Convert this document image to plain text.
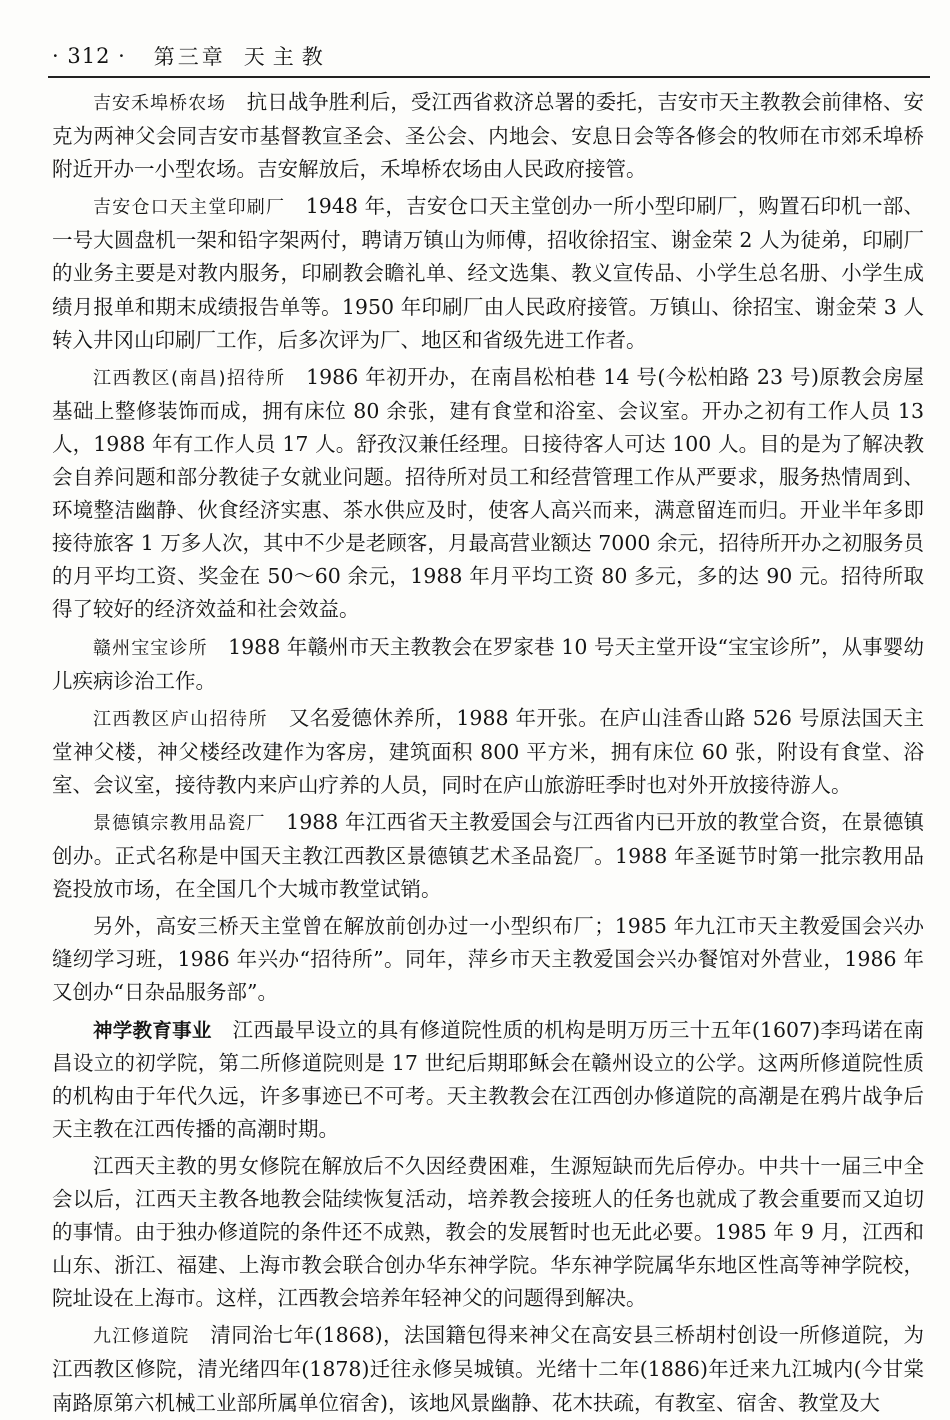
· 312 · 第三章 天主教

吉安禾埠桥农场 抗日战争胜利后，受江西省救济总署的委托，吉安市天主教教会前律格、安克为两神父会同吉安市基督教宣圣会、圣公会、内地会、安息日会等各修会的牧师在市郊禾埠桥附近开办一小型农场。吉安解放后，禾埠桥农场由人民政府接管。

吉安仓口天主堂印刷厂 1948 年，吉安仓口天主堂创办一所小型印刷厂，购置石印机一部、一号大圆盘机一架和铅字架两付，聘请万镇山为师傅，招收徐招宝、谢金荣 2 人为徒弟，印刷厂的业务主要是对教内服务，印刷教会瞻礼单、经文选集、教义宣传品、小学生总名册、小学生成绩月报单和期末成绩报告单等。1950 年印刷厂由人民政府接管。万镇山、徐招宝、谢金荣 3 人转入井冈山印刷厂工作，后多次评为厂、地区和省级先进工作者。

江西教区(南昌)招待所 1986 年初开办，在南昌松柏巷 14 号(今松柏路 23 号)原教会房屋基础上整修装饰而成，拥有床位 80 余张，建有食堂和浴室、会议室。开办之初有工作人员 13 人，1988 年有工作人员 17 人。舒孜汉兼任经理。日接待客人可达 100 人。目的是为了解决教会自养问题和部分教徒子女就业问题。招待所对员工和经营管理工作从严要求，服务热情周到、环境整洁幽静、伙食经济实惠、茶水供应及时，使客人高兴而来，满意留连而归。开业半年多即接待旅客 1 万多人次，其中不少是老顾客，月最高营业额达 7000 余元，招待所开办之初服务员的月平均工资、奖金在 50～60 余元，1988 年月平均工资 80 多元，多的达 90 元。招待所取得了较好的经济效益和社会效益。

赣州宝宝诊所 1988 年赣州市天主教教会在罗家巷 10 号天主堂开设“宝宝诊所”，从事婴幼儿疾病诊治工作。

江西教区庐山招待所 又名爱德休养所，1988 年开张。在庐山洼香山路 526 号原法国天主堂神父楼，神父楼经改建作为客房，建筑面积 800 平方米，拥有床位 60 张，附设有食堂、浴室、会议室，接待教内来庐山疗养的人员，同时在庐山旅游旺季时也对外开放接待游人。

景德镇宗教用品瓷厂 1988 年江西省天主教爱国会与江西省内已开放的教堂合资，在景德镇创办。正式名称是中国天主教江西教区景德镇艺术圣品瓷厂。1988 年圣诞节时第一批宗教用品瓷投放市场，在全国几个大城市教堂试销。

另外，高安三桥天主堂曾在解放前创办过一小型织布厂；1985 年九江市天主教爱国会兴办缝纫学习班，1986 年兴办“招待所”。同年，萍乡市天主教爱国会兴办餐馆对外营业，1986 年又创办“日杂品服务部”。

神学教育事业 江西最早设立的具有修道院性质的机构是明万历三十五年(1607)李玛诺在南昌设立的初学院，第二所修道院则是 17 世纪后期耶稣会在赣州设立的公学。这两所修道院性质的机构由于年代久远，许多事迹已不可考。天主教教会在江西创办修道院的高潮是在鸦片战争后天主教在江西传播的高潮时期。

江西天主教的男女修院在解放后不久因经费困难，生源短缺而先后停办。中共十一届三中全会以后，江西天主教各地教会陆续恢复活动，培养教会接班人的任务也就成了教会重要而又迫切的事情。由于独办修道院的条件还不成熟，教会的发展暂时也无此必要。1985 年 9 月，江西和山东、浙江、福建、上海市教会联合创办华东神学院。华东神学院属华东地区性高等神学院校，院址设在上海市。这样，江西教会培养年轻神父的问题得到解决。

九江修道院 清同治七年(1868)，法国籍包得来神父在高安县三桥胡村创设一所修道院，为江西教区修院，清光绪四年(1878)迁往永修吴城镇。光绪十二年(1886)年迁来九江城内(今甘棠南路原第六机械工业部所属单位宿舍)，该地风景幽静、花木扶疏，有教室、宿舍、教堂及大
